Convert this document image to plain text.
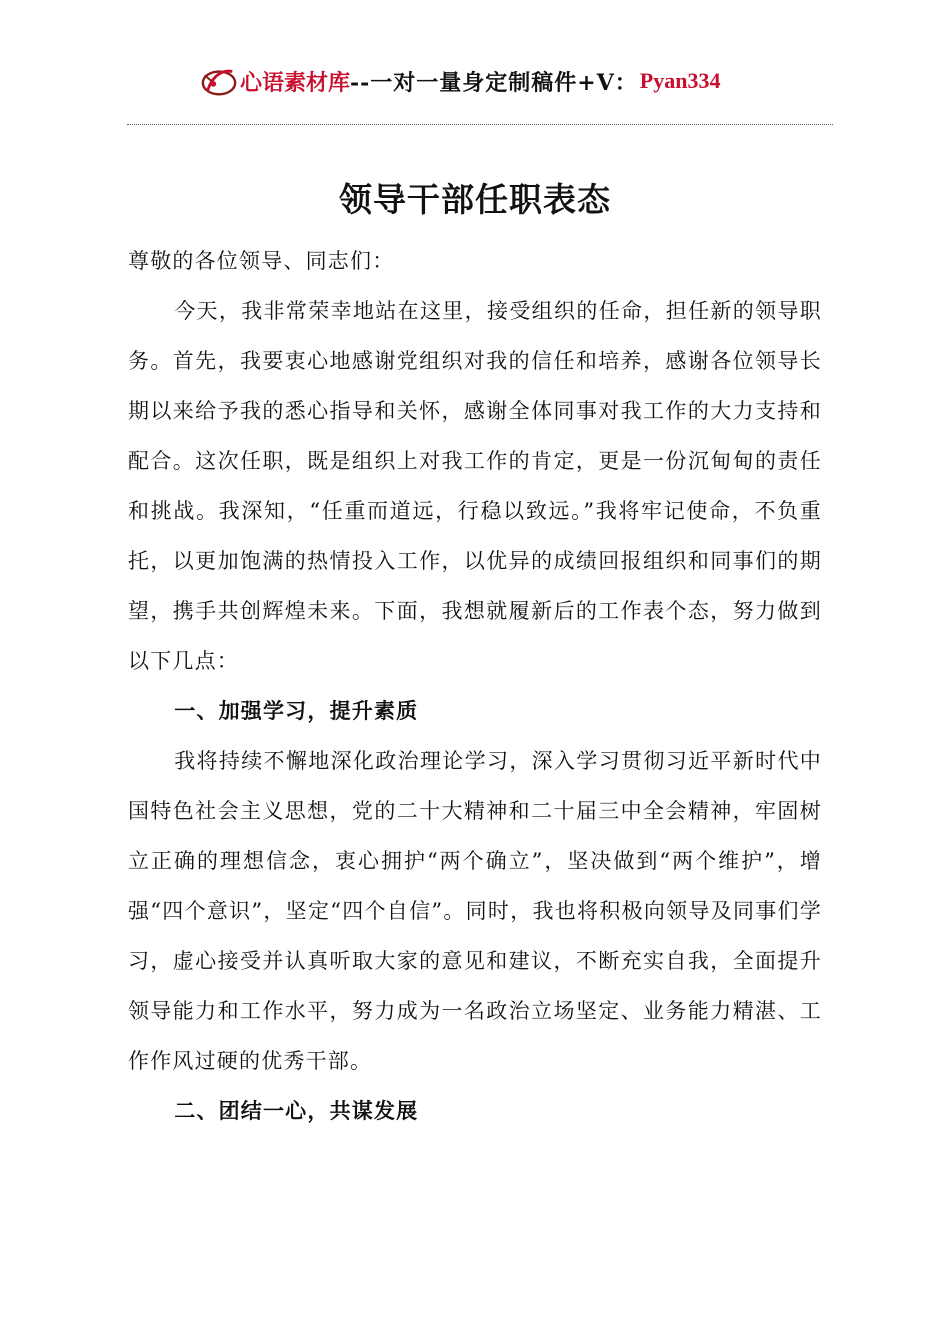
心语素材库 --一对一量身定制稿件+V： Pyan334
领导干部任职表态

尊敬的各位领导、同志们：

今天，我非常荣幸地站在这里，接受组织的任命，担任新的领导职务。首先，我要衷心地感谢党组织对我的信任和培养，感谢各位领导长期以来给予我的悉心指导和关怀，感谢全体同事对我工作的大力支持和配合。这次任职，既是组织上对我工作的肯定，更是一份沉甸甸的责任和挑战。我深知，“任重而道远，行稳以致远。”我将牢记使命，不负重托，以更加饱满的热情投入工作，以优异的成绩回报组织和同事们的期望，携手共创辉煌未来。下面，我想就履新后的工作表个态，努力做到以下几点：

一、加强学习，提升素质

我将持续不懈地深化政治理论学习，深入学习贯彻习近平新时代中国特色社会主义思想，党的二十大精神和二十届三中全会精神，牢固树立正确的理想信念，衷心拥护“两个确立”，坚决做到“两个维护”，增强“四个意识”，坚定“四个自信”。同时，我也将积极向领导及同事们学习，虚心接受并认真听取大家的意见和建议，不断充实自我，全面提升领导能力和工作水平，努力成为一名政治立场坚定、业务能力精湛、工作作风过硬的优秀干部。

二、团结一心，共谋发展
